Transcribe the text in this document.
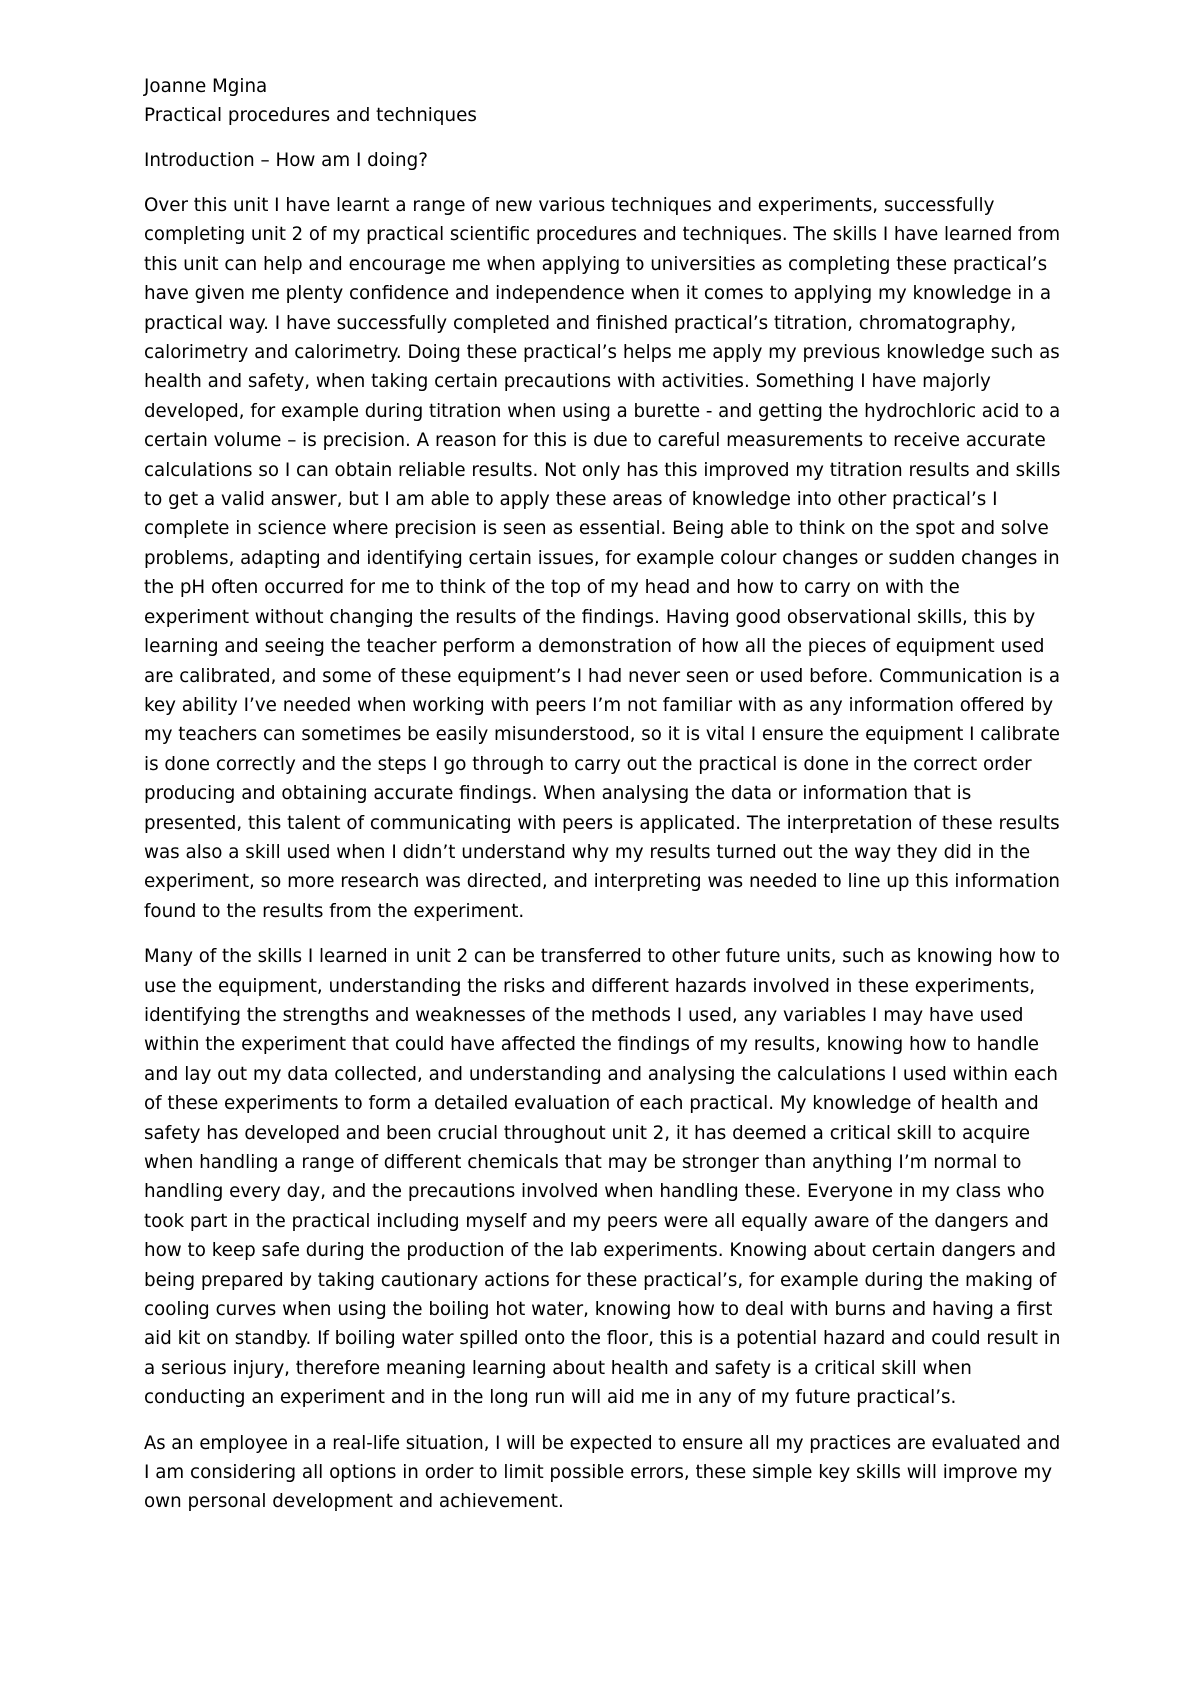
Joanne Mgina

Practical procedures and techniques

Introduction – How am I doing?

Over this unit I have learnt a range of new various techniques and experiments, successfully
completing unit 2 of my practical scientific procedures and techniques. The skills I have learned from
this unit can help and encourage me when applying to universities as completing these practical’s
have given me plenty confidence and independence when it comes to applying my knowledge in a
practical way. I have successfully completed and finished practical’s titration, chromatography,
calorimetry and calorimetry. Doing these practical’s helps me apply my previous knowledge such as
health and safety, when taking certain precautions with activities. Something I have majorly
developed, for example during titration when using a burette - and getting the hydrochloric acid to a
certain volume – is precision. A reason for this is due to careful measurements to receive accurate
calculations so I can obtain reliable results. Not only has this improved my titration results and skills
to get a valid answer, but I am able to apply these areas of knowledge into other practical’s I
complete in science where precision is seen as essential. Being able to think on the spot and solve
problems, adapting and identifying certain issues, for example colour changes or sudden changes in
the pH often occurred for me to think of the top of my head and how to carry on with the
experiment without changing the results of the findings. Having good observational skills, this by
learning and seeing the teacher perform a demonstration of how all the pieces of equipment used
are calibrated, and some of these equipment’s I had never seen or used before. Communication is a
key ability I’ve needed when working with peers I’m not familiar with as any information offered by
my teachers can sometimes be easily misunderstood, so it is vital I ensure the equipment I calibrate
is done correctly and the steps I go through to carry out the practical is done in the correct order
producing and obtaining accurate findings. When analysing the data or information that is
presented, this talent of communicating with peers is applicated. The interpretation of these results
was also a skill used when I didn’t understand why my results turned out the way they did in the
experiment, so more research was directed, and interpreting was needed to line up this information
found to the results from the experiment.

Many of the skills I learned in unit 2 can be transferred to other future units, such as knowing how to
use the equipment, understanding the risks and different hazards involved in these experiments,
identifying the strengths and weaknesses of the methods I used, any variables I may have used
within the experiment that could have affected the findings of my results, knowing how to handle
and lay out my data collected, and understanding and analysing the calculations I used within each
of these experiments to form a detailed evaluation of each practical. My knowledge of health and
safety has developed and been crucial throughout unit 2, it has deemed a critical skill to acquire
when handling a range of different chemicals that may be stronger than anything I’m normal to
handling every day, and the precautions involved when handling these. Everyone in my class who
took part in the practical including myself and my peers were all equally aware of the dangers and
how to keep safe during the production of the lab experiments. Knowing about certain dangers and
being prepared by taking cautionary actions for these practical’s, for example during the making of
cooling curves when using the boiling hot water, knowing how to deal with burns and having a first
aid kit on standby. If boiling water spilled onto the floor, this is a potential hazard and could result in
a serious injury, therefore meaning learning about health and safety is a critical skill when
conducting an experiment and in the long run will aid me in any of my future practical’s.

As an employee in a real-life situation, I will be expected to ensure all my practices are evaluated and
I am considering all options in order to limit possible errors, these simple key skills will improve my
own personal development and achievement.
